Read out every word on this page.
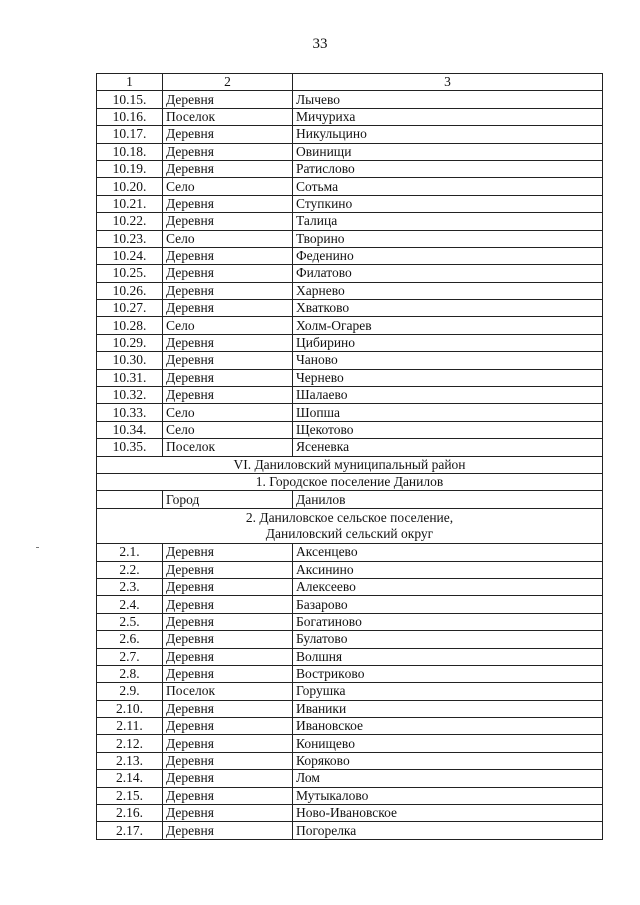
33
1	2	3
10.15.	Деревня	Лычево
10.16.	Поселок	Мичуриха
10.17.	Деревня	Никульцино
10.18.	Деревня	Овинищи
10.19.	Деревня	Ратислово
10.20.	Село	Сотьма
10.21.	Деревня	Ступкино
10.22.	Деревня	Талица
10.23.	Село	Творино
10.24.	Деревня	Феденино
10.25.	Деревня	Филатово
10.26.	Деревня	Харнево
10.27.	Деревня	Хватково
10.28.	Село	Холм-Огарев
10.29.	Деревня	Цибирино
10.30.	Деревня	Чаново
10.31.	Деревня	Чернево
10.32.	Деревня	Шалаево
10.33.	Село	Шопша
10.34.	Село	Щекотово
10.35.	Поселок	Ясеневка

VI. Даниловский муниципальный район		

1. Городское поселение Данилов		

	Город	Данилов

2. Даниловское сельское поселение,
Даниловский сельский округ		

2.1.	Деревня	Аксенцево
2.2.	Деревня	Аксинино
2.3.	Деревня	Алексеево
2.4.	Деревня	Базарово
2.5.	Деревня	Богатиново
2.6.	Деревня	Булатово
2.7.	Деревня	Волшня
2.8.	Деревня	Вострикoво
2.9.	Поселок	Горушка
2.10.	Деревня	Иваники
2.11.	Деревня	Ивановское
2.12.	Деревня	Конищево
2.13.	Деревня	Коряково
2.14.	Деревня	Лом
2.15.	Деревня	Мутыкалово
2.16.	Деревня	Ново-Ивановское
2.17.	Деревня	Погорелка
